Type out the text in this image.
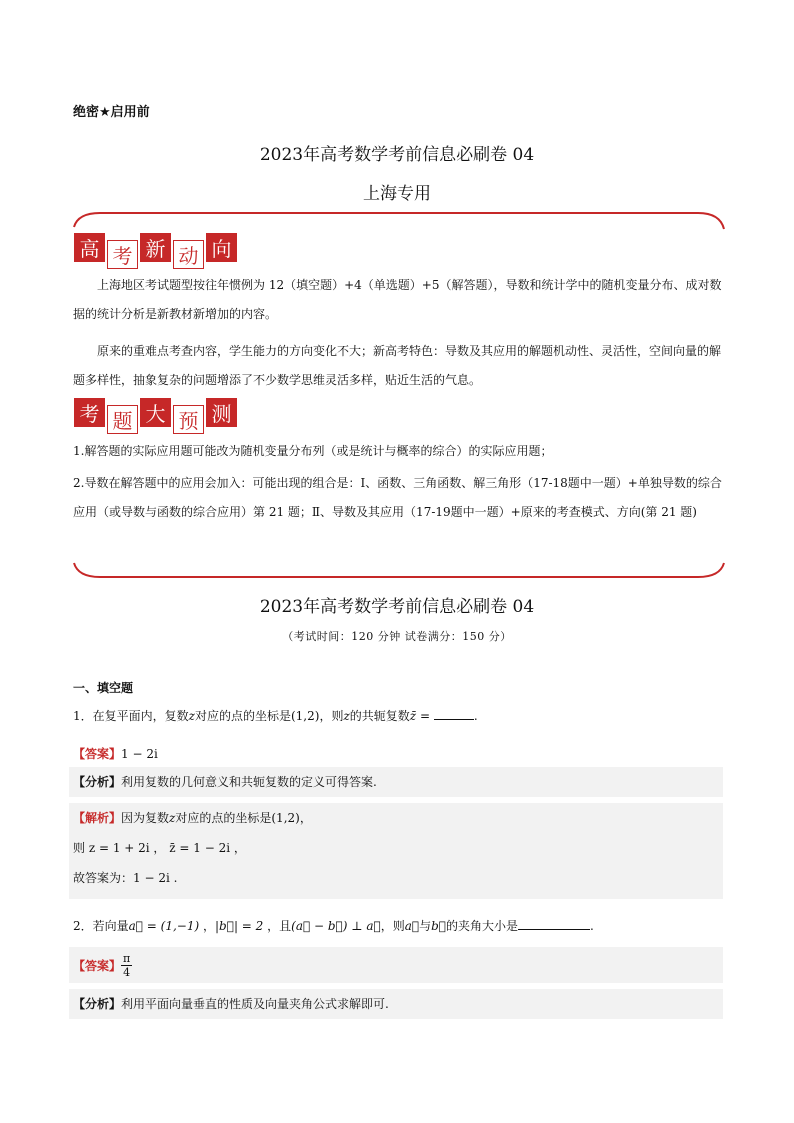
绝密★启用前
2023年高考数学考前信息必刷卷 04
上海专用
高 考 新 动 向
上海地区考试题型按往年惯例为 12（填空题）+4（单选题）+5（解答题），导数和统计学中的随机变量分布、成对数据的统计分析是新教材新增加的内容。
原来的重难点考查内容，学生能力的方向变化不大；新高考特色：导数及其应用的解题机动性、灵活性，空间向量的解题多样性，抽象复杂的问题增添了不少数学思维灵活多样，贴近生活的气息。
考 题 大 预 测
1.解答题的实际应用题可能改为随机变量分布列（或是统计与概率的综合）的实际应用题；
2.导数在解答题中的应用会加入：可能出现的组合是：Ⅰ、函数、三角函数、解三角形（17-18题中一题）+单独导数的综合应用（或导数与函数的综合应用）第 21 题；Ⅱ、导数及其应用（17-19题中一题）+原来的考查模式、方向(第 21 题)
2023年高考数学考前信息必刷卷 04
（考试时间：120 分钟 试卷满分：150 分）
一、填空题
1．在复平面内，复数z对应的点的坐标是(1,2)，则z的共轭复数z̄ =	.
【答案】1 − 2i
【分析】利用复数的几何意义和共轭复数的定义可得答案.
【解析】因为复数z对应的点的坐标是(1,2)，
则 z = 1 + 2i ， z̄ = 1 − 2i ，
故答案为：1 − 2i .
2．若向量a⃗ = (1,−1) ，|b⃗| = 2 ，且(a⃗ − b⃗) ⊥ a⃗，则a⃗与b⃗的夹角大小是	.
【答案】 $\frac{\pi}{4}$
【分析】利用平面向量垂直的性质及向量夹角公式求解即可.
